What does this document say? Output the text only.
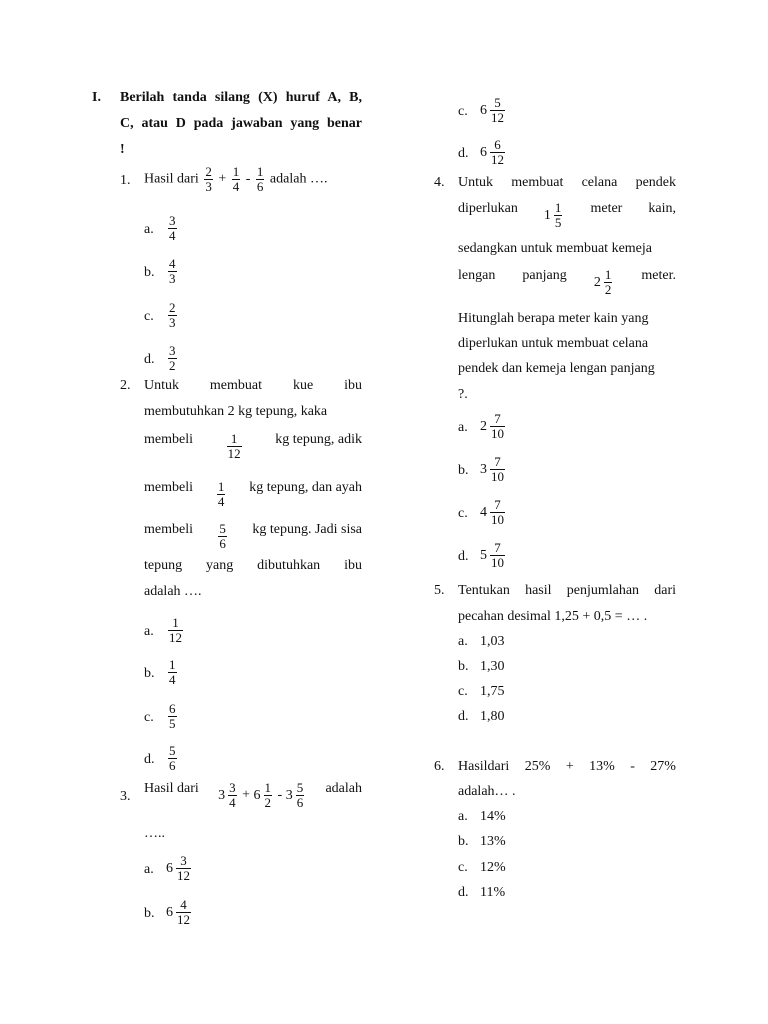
I. Berilah tanda silang (X) huruf A, B,
C, atau D pada jawaban yang benar
!
1. Hasil dari $\frac{2}{3} + \frac{1}{4} - \frac{1}{6}$ adalah ….
a. $\frac{3}{4}$
b. $\frac{4}{3}$
c. $\frac{2}{3}$
d. $\frac{3}{2}$
2. Untuk membuat kue ibu
membutuhkan 2 kg tepung, kaka
membeli	$\frac{1}{12}$ kg tepung, adik
membeli $\frac{1}{4}$ kg tepung, dan ayah
membeli $\frac{5}{6}$ kg tepung. Jadi sisa
tepung yang dibutuhkan ibu
adalah ….
a. $\frac{1}{12}$
b. $\frac{1}{4}$
c. $\frac{6}{5}$
d. $\frac{5}{6}$
3.
Hasil dari $3 \frac{3}{4} + 6 \frac{1}{2} - 3 \frac{5}{6}$ adalah
…..
a. $6 \frac{3}{12}$
b. $6 \frac{4}{12}$
c. $6 \frac{5}{12}$
d. $6 \frac{6}{12}$
4. Untuk membuat celana pendek
diperlukan $1 \frac{1}{5}$ meter kain,
sedangkan untuk membuat kemeja
lengan panjang $2 \frac{1}{2}$ meter.
Hitunglah berapa meter kain yang
diperlukan untuk membuat celana
pendek dan kemeja lengan panjang
?.
a. $2 \frac{7}{10}$
b. $3 \frac{7}{10}$
c. $4 \frac{7}{10}$
d. $5 \frac{7}{10}$
5. Tentukan hasil penjumlahan dari
pecahan desimal 1,25 + 0,5 = … .
a. 1,03
b. 1,30
c. 1,75
d. 1,80
6. Hasildari 25% + 13% - 27%
adalah… .
a. 14%
b. 13%
c. 12%
d. 11%
